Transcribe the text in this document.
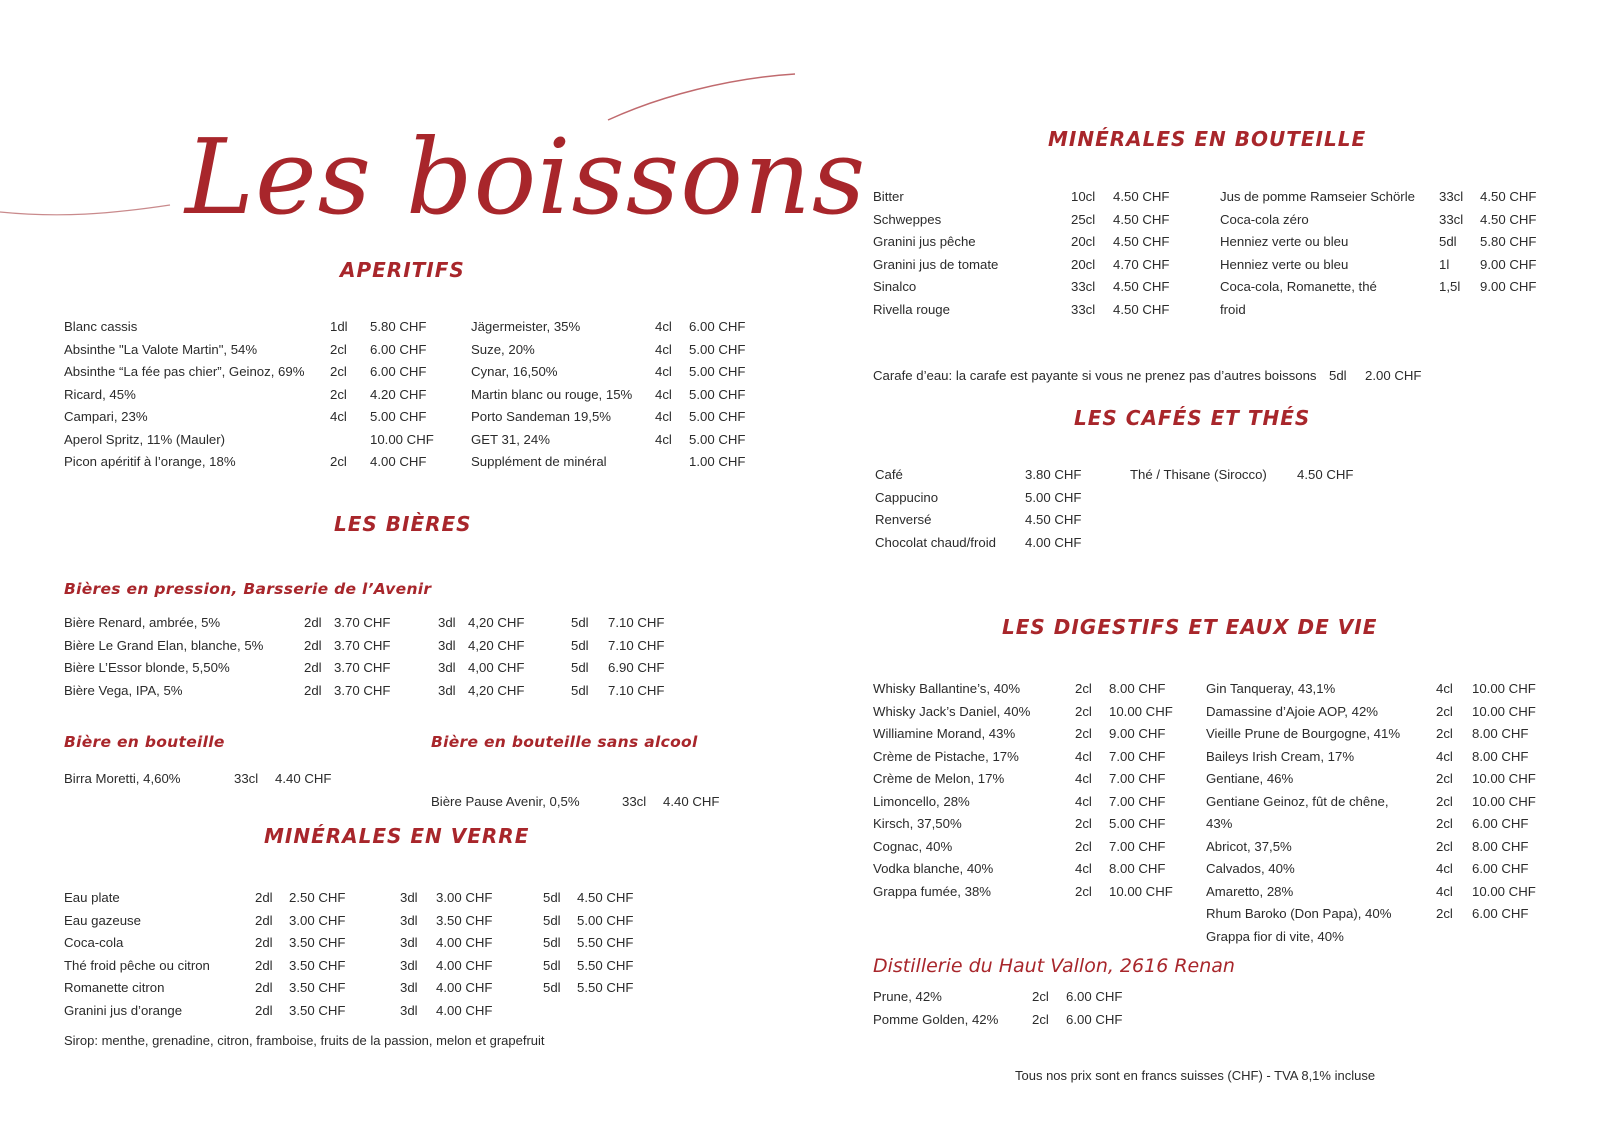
Les boissons
APERITIFS
Blanc cassis	1dl 5.80 CHF
Absinthe "La Valote Martin", 54%	2cl 6.00 CHF
Absinthe “La fée pas chier”, Geinoz, 69% 2cl 6.00 CHF
Ricard, 45%	2cl 4.20 CHF
Campari, 23%	4cl 5.00 CHF
Aperol Spritz, 11% (Mauler)	10.00 CHF
Picon apéritif à l’orange, 18%	2cl 4.00 CHF
Jägermeister, 35%	4cl 6.00 CHF
Suze, 20%	4cl 5.00 CHF
Cynar, 16,50%	4cl 5.00 CHF
Martin blanc ou rouge, 15% 4cl 5.00 CHF
Porto Sandeman 19,5%	4cl 5.00 CHF
GET 31, 24%	4cl 5.00 CHF
Supplément de minéral	1.00 CHF
LES BIÈRES
Bières en pression, Barsserie de l’Avenir
Bière Renard, ambrée, 5%	2dl 3.70 CHF	3dl 4,20 CHF	5dl 7.10 CHF
Bière Le Grand Elan, blanche, 5%	2dl 3.70 CHF	3dl 4,20 CHF	5dl 7.10 CHF
Bière L’Essor blonde, 5,50%	2dl 3.70 CHF	3dl 4,00 CHF	5dl 6.90 CHF
Bière Vega, IPA, 5%	2dl 3.70 CHF	3dl 4,20 CHF	5dl 7.10 CHF
Bière en bouteille	Bière en bouteille sans alcool
Birra Moretti, 4,60%	33cl 4.40 CHF
Bière Pause Avenir, 0,5%	33cl 4.40 CHF
MINÉRALES EN VERRE
Eau plate	2dl 2.50 CHF	3dl 3.00 CHF	5dl 4.50 CHF
Eau gazeuse	2dl 3.00 CHF	3dl 3.50 CHF	5dl 5.00 CHF
Coca-cola	2dl 3.50 CHF	3dl 4.00 CHF	5dl 5.50 CHF
Thé froid pêche ou citron	2dl 3.50 CHF	3dl 4.00 CHF	5dl 5.50 CHF
Romanette citron	2dl 3.50 CHF	3dl 4.00 CHF	5dl 5.50 CHF
Granini jus d’orange	2dl 3.50 CHF	3dl 4.00 CHF
Sirop: menthe, grenadine, citron, framboise, fruits de la passion, melon et grapefruit
MINÉRALES EN BOUTEILLE
Bitter	10cl 4.50 CHF
Schweppes	25cl 4.50 CHF
Granini jus pêche	20cl 4.50 CHF
Granini jus de tomate	20cl 4.70 CHF
Sinalco	33cl 4.50 CHF
Rivella rouge	33cl 4.50 CHF
Jus de pomme Ramseier Schörle 33cl 4.50 CHF
Coca-cola zéro	33cl 4.50 CHF
Henniez verte ou bleu	5dl 5.80 CHF
Henniez verte ou bleu	1l 9.00 CHF
Coca-cola, Romanette, thé	1,5l 9.00 CHF
froid
Carafe d’eau: la carafe est payante si vous ne prenez pas d’autres boissons 5dl 2.00 CHF
LES CAFÉS ET THÉS
Café	3.80 CHF
Cappucino	5.00 CHF
Renversé	4.50 CHF
Chocolat chaud/froid 4.00 CHF
Thé / Thisane (Sirocco) 4.50 CHF
LES DIGESTIFS ET EAUX DE VIE
Whisky Ballantine’s, 40%	2cl 8.00 CHF
Whisky Jack’s Daniel, 40%	2cl 10.00 CHF
Williamine Morand, 43%	2cl 9.00 CHF
Crème de Pistache, 17%	4cl 7.00 CHF
Crème de Melon, 17%	4cl 7.00 CHF
Limoncello, 28%	4cl 7.00 CHF
Kirsch, 37,50%	2cl 5.00 CHF
Cognac, 40%	2cl 7.00 CHF
Vodka blanche, 40%	4cl 8.00 CHF
Grappa fumée, 38%	2cl 10.00 CHF
Gin Tanqueray, 43,1%	4cl 10.00 CHF
Damassine d’Ajoie AOP, 42%	2cl 10.00 CHF
Vieille Prune de Bourgogne, 41%	2cl 8.00 CHF
Baileys Irish Cream, 17%	4cl 8.00 CHF
Gentiane, 46%	2cl 10.00 CHF
Gentiane Geinoz, fût de chêne,	2cl 10.00 CHF
43%	2cl 6.00 CHF
Abricot, 37,5%	2cl 8.00 CHF
Calvados, 40%	4cl 6.00 CHF
Amaretto, 28%	4cl 10.00 CHF
Rhum Baroko (Don Papa), 40%	2cl 6.00 CHF
Grappa fior di vite, 40%
Distillerie du Haut Vallon, 2616 Renan
Prune, 42%	2cl 6.00 CHF
Pomme Golden, 42%	2cl 6.00 CHF
Tous nos prix sont en francs suisses (CHF) - TVA 8,1% incluse
